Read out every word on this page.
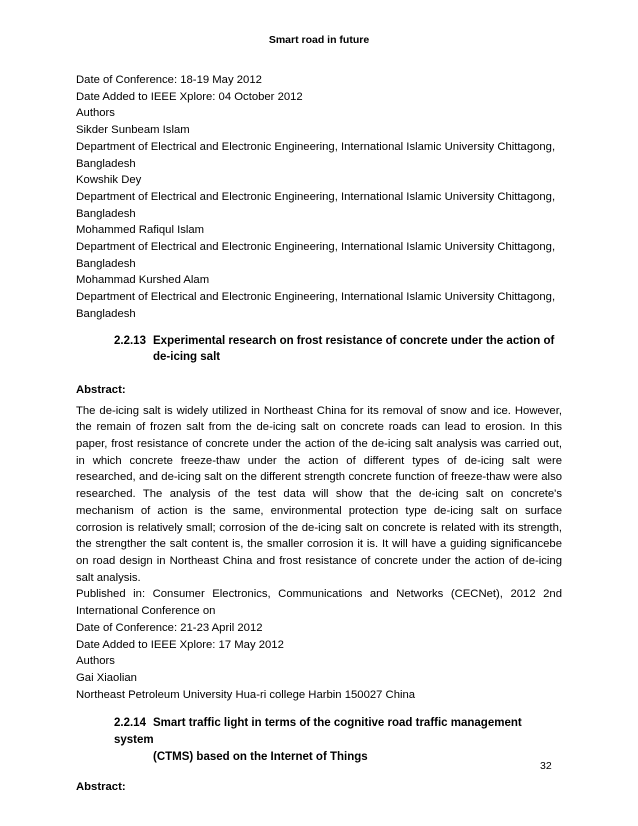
Smart road in future
Date of Conference: 18-19 May 2012
Date Added to IEEE Xplore: 04 October 2012
Authors
Sikder Sunbeam Islam
Department of Electrical and Electronic Engineering, International Islamic University Chittagong,
Bangladesh
Kowshik Dey
Department of Electrical and Electronic Engineering, International Islamic University Chittagong,
Bangladesh
Mohammed Rafiqul Islam
Department of Electrical and Electronic Engineering, International Islamic University Chittagong,
Bangladesh
Mohammad Kurshed Alam
Department of Electrical and Electronic Engineering, International Islamic University Chittagong,
Bangladesh
2.2.13 Experimental research on frost resistance of concrete under the action of
de-icing salt
Abstract:

The de-icing salt is widely utilized in Northeast China for its removal of snow and ice. However, the remain of frozen salt from the de-icing salt on concrete roads can lead to erosion. In this paper, frost resistance of concrete under the action of the de-icing salt analysis was carried out, in which concrete freeze-thaw under the action of different types of de-icing salt were researched, and de-icing salt on the different strength concrete function of freeze-thaw were also researched. The analysis of the test data will show that the de-icing salt on concrete's mechanism of action is the same, environmental protection type de-icing salt on surface corrosion is relatively small; corrosion of the de-icing salt on concrete is related with its strength, the strengther the salt content is, the smaller corrosion it is. It will have a guiding significancebe on road design in Northeast China and frost resistance of concrete under the action of de-icing salt analysis.

Published in: Consumer Electronics, Communications and Networks (CECNet), 2012 2nd

International Conference on
Date of Conference: 21-23 April 2012
Date Added to IEEE Xplore: 17 May 2012
Authors
Gai Xiaolian
Northeast Petroleum University Hua-ri college Harbin 150027 China
2.2.14 Smart traffic light in terms of the cognitive road traffic management system
(CTMS) based on the Internet of Things
Abstract:
32
